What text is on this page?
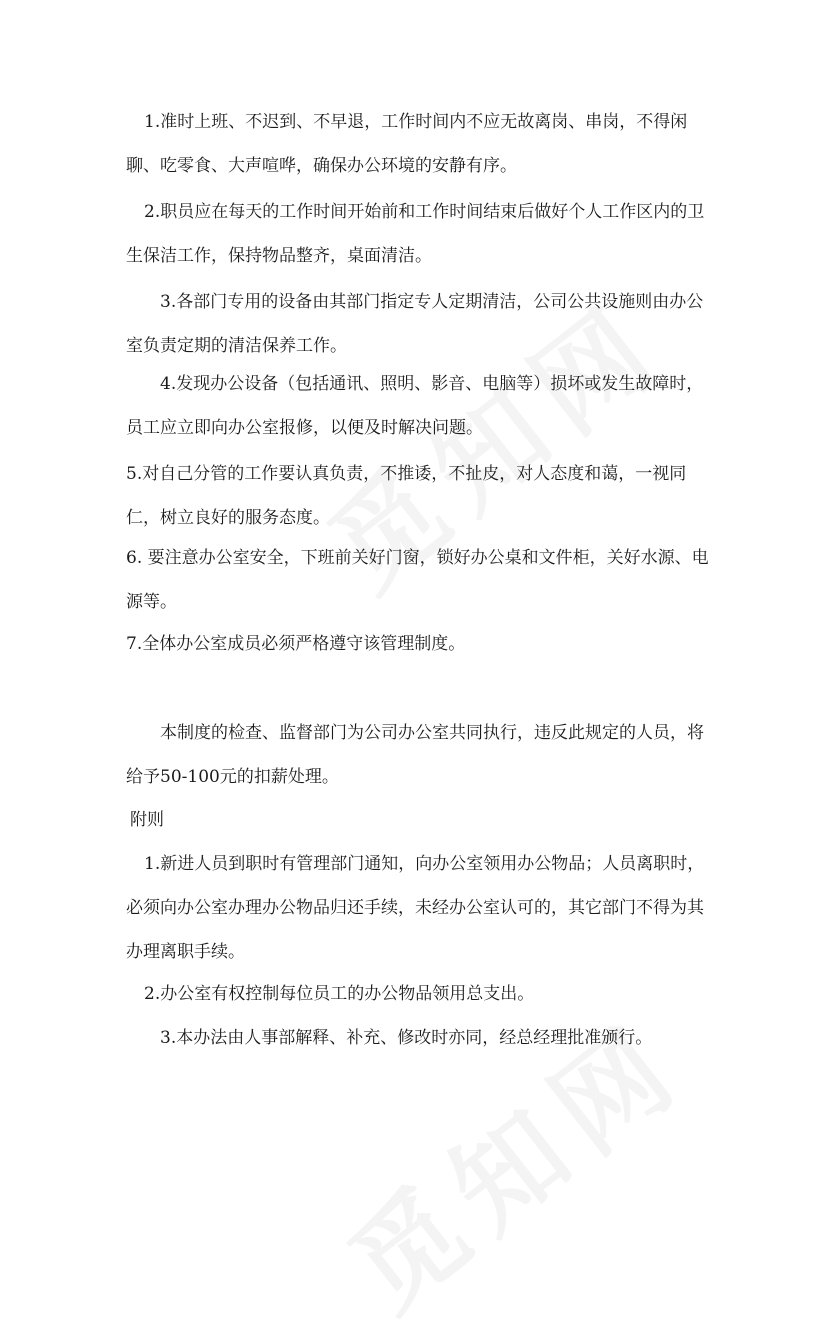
1.准时上班、不迟到、不早退，工作时间内不应无故离岗、串岗，不得闲聊、吃零食、大声喧哗，确保办公环境的安静有序。

2.职员应在每天的工作时间开始前和工作时间结束后做好个人工作区内的卫生保洁工作，保持物品整齐，桌面清洁。

3.各部门专用的设备由其部门指定专人定期清洁，公司公共设施则由办公室负责定期的清洁保养工作。

4.发现办公设备（包括通讯、照明、影音、电脑等）损坏或发生故障时，员工应立即向办公室报修，以便及时解决问题。

5.对自己分管的工作要认真负责，不推诿，不扯皮，对人态度和蔼，一视同仁，树立良好的服务态度。

6. 要注意办公室安全，下班前关好门窗，锁好办公桌和文件柜，关好水源、电源等。

7.全体办公室成员必须严格遵守该管理制度。

本制度的检查、监督部门为公司办公室共同执行，违反此规定的人员，将给予50-100元的扣薪处理。

附则

1.新进人员到职时有管理部门通知，向办公室领用办公物品；人员离职时，必须向办公室办理办公物品归还手续，未经办公室认可的，其它部门不得为其办理离职手续。

2.办公室有权控制每位员工的办公物品领用总支出。

3.本办法由人事部解释、补充、修改时亦同，经总经理批准颁行。
